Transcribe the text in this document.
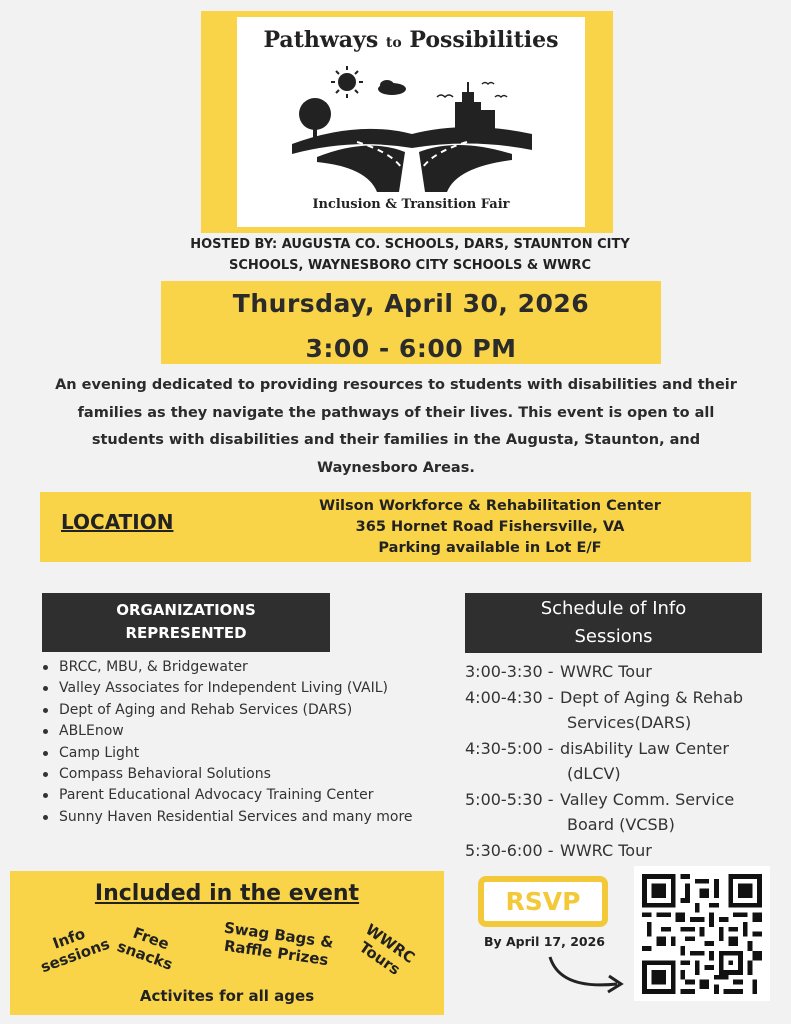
Pathways to Possibilities
Inclusion & Transition Fair
HOSTED BY: AUGUSTA CO. SCHOOLS, DARS, STAUNTON CITY
SCHOOLS, WAYNESBORO CITY SCHOOLS & WWRC
Thursday, April 30, 2026
3:00 - 6:00 PM
An evening dedicated to providing resources to students with disabilities and their families as they navigate the pathways of their lives. This event is open to all students with disabilities and their families in the Augusta, Staunton, and Waynesboro Areas.
LOCATION
Wilson Workforce & Rehabilitation Center
365 Hornet Road Fishersville, VA
Parking available in Lot E/F
ORGANIZATIONS
REPRESENTED
BRCC, MBU, & Bridgewater
Valley Associates for Independent Living (VAIL)
Dept of Aging and Rehab Services (DARS)
ABLEnow
Camp Light
Compass Behavioral Solutions
Parent Educational Advocacy Training Center
Sunny Haven Residential Services and many more
Schedule of Info
Sessions
3:00-3:30 - WWRC Tour
4:00-4:30 - Dept of Aging & Rehab Services(DARS)
4:30-5:00 - disAbility Law Center (dLCV)
5:00-5:30 - Valley Comm. Service Board (VCSB)
5:30-6:00 - WWRC Tour
Included in the event
Info sessions	Free snacks
Swag Bags & Raffle Prizes	WWRC Tours
Activites for all ages
RSVP
By April 17, 2026
